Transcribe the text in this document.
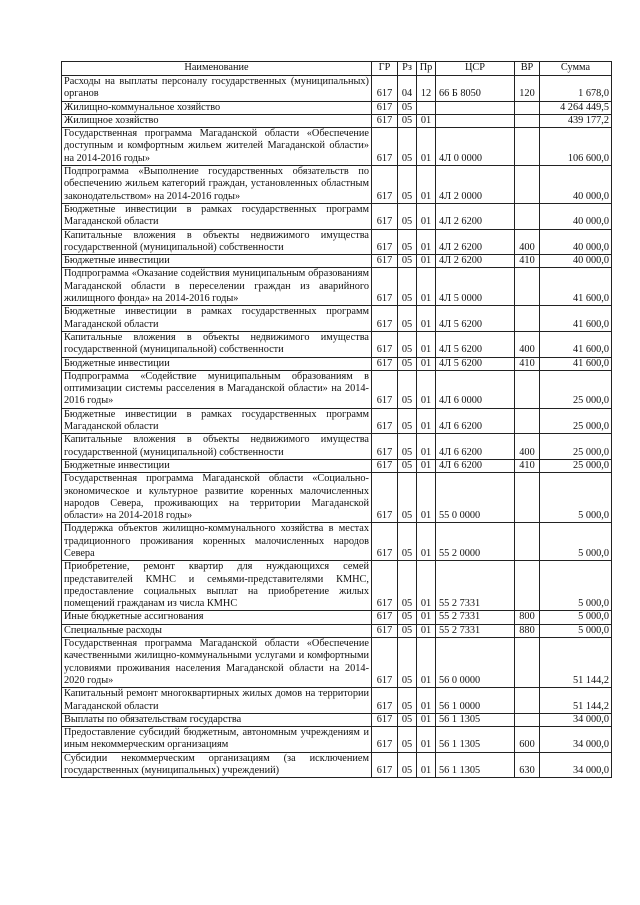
Наименование	ГР	Рз	Пр	ЦСР	ВР	Сумма
Расходы на выплаты персоналу государственных (муниципальных) органов	617	04	12	66 Б 8050	120	1 678,0
Жилищно-коммунальное хозяйство	617	05				4 264 449,5
Жилищное хозяйство	617	05	01			439 177,2
Государственная программа Магаданской области «Обеспечение доступным и комфортным жильем жителей Магаданской области» на 2014-2016 годы»	617	05	01	4Л 0 0000		106 600,0
Подпрограмма «Выполнение государственных обязательств по обеспечению жильем категорий граждан, установленных областным законодательством» на 2014-2016 годы»	617	05	01	4Л 2 0000		40 000,0
Бюджетные инвестиции в рамках государственных программ Магаданской области	617	05	01	4Л 2 6200		40 000,0
Капитальные вложения в объекты недвижимого имущества государственной (муниципальной) собственности	617	05	01	4Л 2 6200	400	40 000,0
Бюджетные инвестиции	617	05	01	4Л 2 6200	410	40 000,0
Подпрограмма «Оказание содействия муниципальным образованиям Магаданской области в переселении граждан из аварийного жилищного фонда» на 2014-2016 годы»	617	05	01	4Л 5 0000		41 600,0
Бюджетные инвестиции в рамках государственных программ Магаданской области	617	05	01	4Л 5 6200		41 600,0
Капитальные вложения в объекты недвижимого имущества государственной (муниципальной) собственности	617	05	01	4Л 5 6200	400	41 600,0
Бюджетные инвестиции	617	05	01	4Л 5 6200	410	41 600,0
Подпрограмма «Содействие муниципальным образованиям в оптимизации системы расселения в Магаданской области» на 2014-2016 годы»	617	05	01	4Л 6 0000		25 000,0
Бюджетные инвестиции в рамках государственных программ Магаданской области	617	05	01	4Л 6 6200		25 000,0
Капитальные вложения в объекты недвижимого имущества государственной (муниципальной) собственности	617	05	01	4Л 6 6200	400	25 000,0
Бюджетные инвестиции	617	05	01	4Л 6 6200	410	25 000,0
Государственная программа Магаданской области «Социально-экономическое и культурное развитие коренных малочисленных народов Севера, проживающих на территории Магаданской области» на 2014-2018 годы»	617	05	01	55 0 0000		5 000,0
Поддержка объектов жилищно-коммунального хозяйства в местах традиционного проживания коренных малочисленных народов Севера	617	05	01	55 2 0000		5 000,0
Приобретение, ремонт квартир для нуждающихся семей представителей КМНС и семьями-представителями КМНС, предоставление социальных выплат на приобретение жилых помещений гражданам из числа КМНС	617	05	01	55 2 7331		5 000,0
Иные бюджетные ассигнования	617	05	01	55 2 7331	800	5 000,0
Специальные расходы	617	05	01	55 2 7331	880	5 000,0
Государственная программа Магаданской области «Обеспечение качественными жилищно-коммунальными услугами и комфортными условиями проживания населения Магаданской области на 2014-2020 годы»	617	05	01	56 0 0000		51 144,2
Капитальный ремонт многоквартирных жилых домов на территории Магаданской области	617	05	01	56 1 0000		51 144,2
Выплаты по обязательствам государства	617	05	01	56 1 1305		34 000,0
Предоставление субсидий бюджетным, автономным учреждениям и иным некоммерческим организациям	617	05	01	56 1 1305	600	34 000,0
Субсидии некоммерческим организациям (за исключением государственных (муниципальных) учреждений)	617	05	01	56 1 1305	630	34 000,0
